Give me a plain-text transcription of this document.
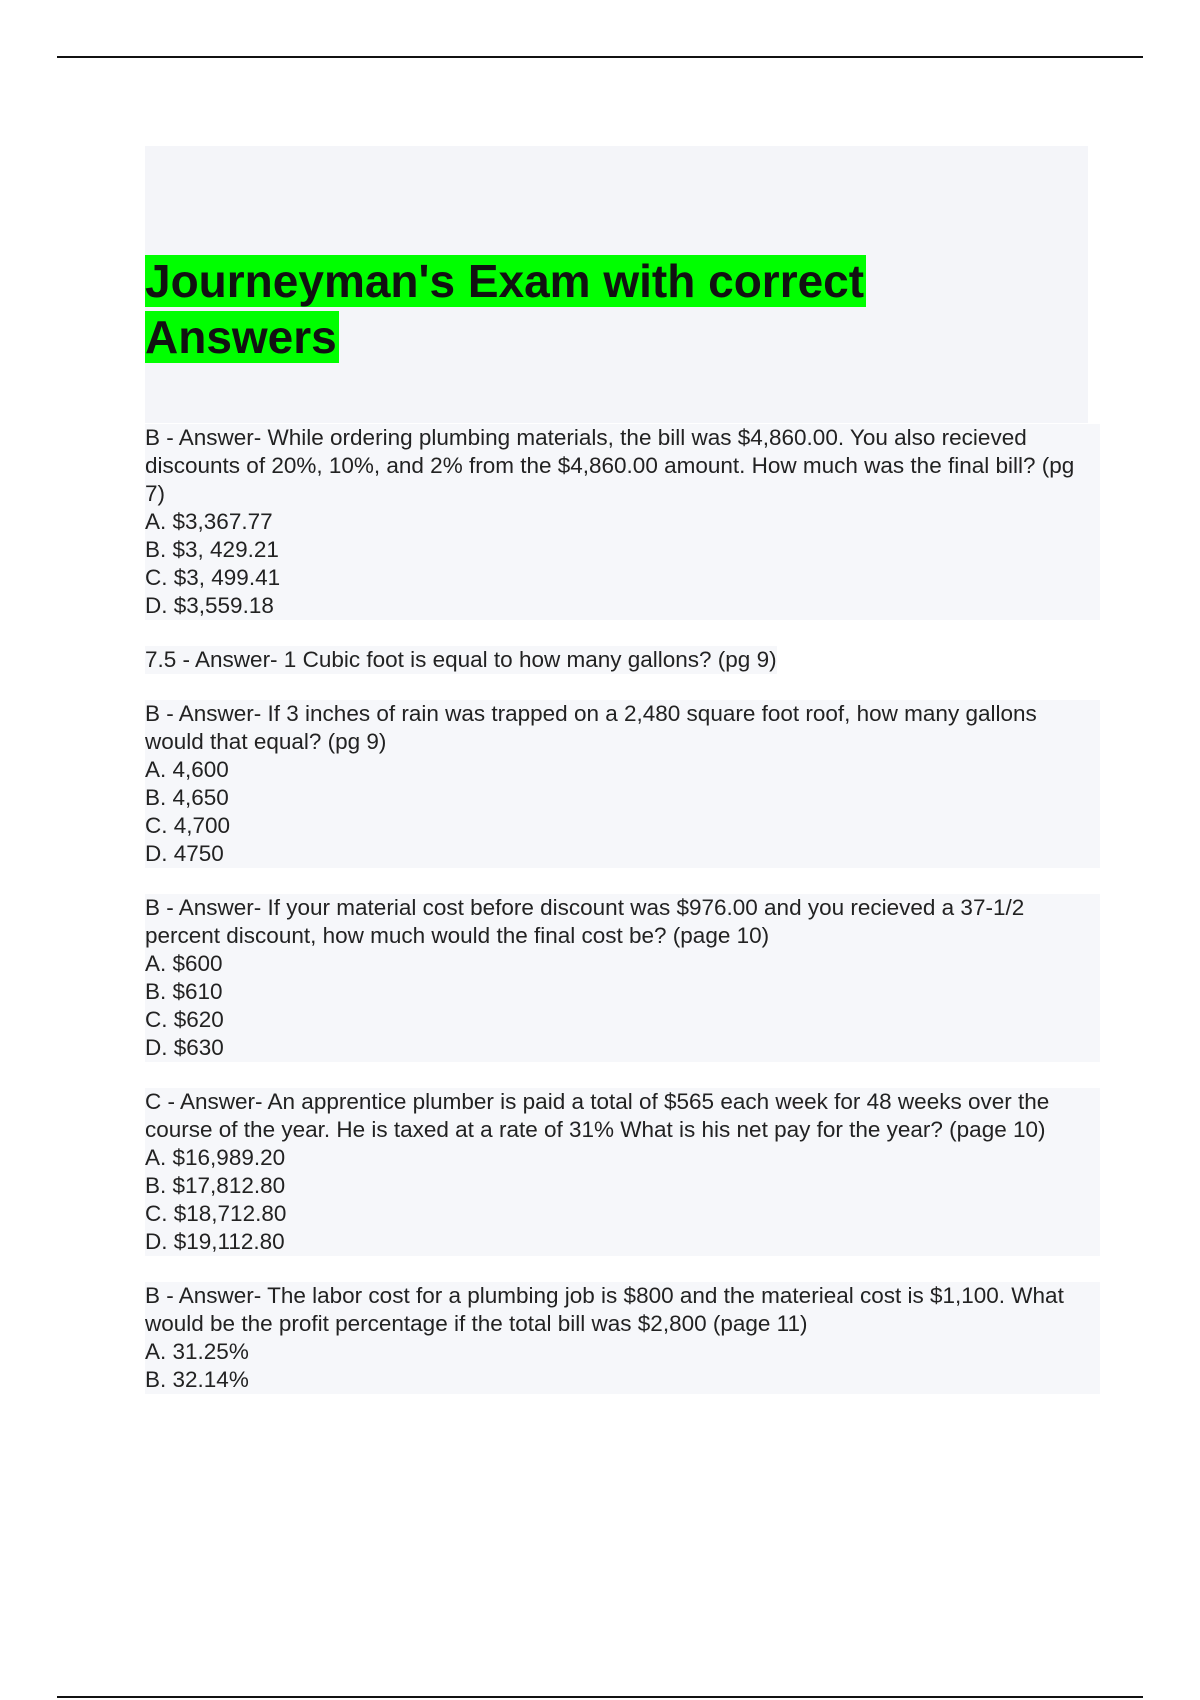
Journeyman's Exam with correct
Answers
B - Answer- While ordering plumbing materials, the bill was $4,860.00. You also recieved discounts of 20%, 10%, and 2% from the $4,860.00 amount. How much was the final bill? (pg 7)
A. $3,367.77
B. $3, 429.21
C. $3, 499.41
D. $3,559.18

7.5 - Answer- 1 Cubic foot is equal to how many gallons? (pg 9)

B - Answer- If 3 inches of rain was trapped on a 2,480 square foot roof, how many gallons would that equal? (pg 9)
A. 4,600
B. 4,650
C. 4,700
D. 4750

B - Answer- If your material cost before discount was $976.00 and you recieved a 37-1/2 percent discount, how much would the final cost be? (page 10)
A. $600
B. $610
C. $620
D. $630

C - Answer- An apprentice plumber is paid a total of $565 each week for 48 weeks over the course of the year. He is taxed at a rate of 31% What is his net pay for the year? (page 10)
A. $16,989.20
B. $17,812.80
C. $18,712.80
D. $19,112.80

B - Answer- The labor cost for a plumbing job is $800 and the materieal cost is $1,100. What would be the profit percentage if the total bill was $2,800 (page 11)
A. 31.25%
B. 32.14%
